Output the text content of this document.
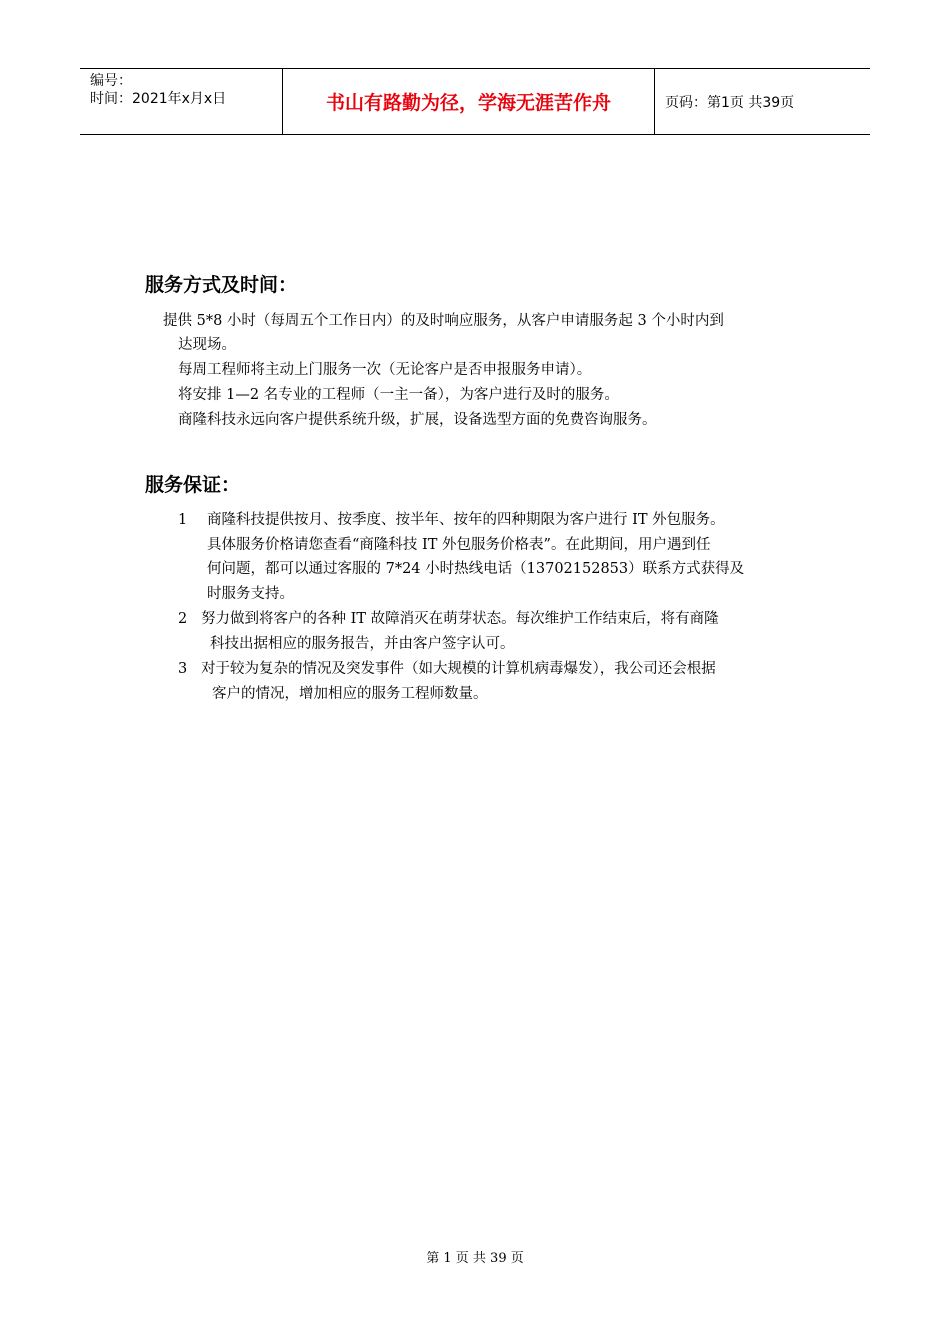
编号：
时间：2021年x月x日	书山有路勤为径，学海无涯苦作舟	页码：第1页 共39页
服务方式及时间：
提供 5*8 小时（每周五个工作日内）的及时响应服务，从客户申请服务起 3 个小时内到
达现场。
每周工程师将主动上门服务一次（无论客户是否申报服务申请）。
将安排 1—2 名专业的工程师（一主一备），为客户进行及时的服务。
商隆科技永远向客户提供系统升级，扩展，设备选型方面的免费咨询服务。
服务保证：
1 商隆科技提供按月、按季度、按半年、按年的四种期限为客户进行 IT 外包服务。
具体服务价格请您查看“商隆科技 IT 外包服务价格表”。在此期间，用户遇到任
何问题，都可以通过客服的 7*24 小时热线电话（13702152853）联系方式获得及
时服务支持。
2 努力做到将客户的各种 IT 故障消灭在萌芽状态。每次维护工作结束后，将有商隆
科技出据相应的服务报告，并由客户签字认可。
3 对于较为复杂的情况及突发事件（如大规模的计算机病毒爆发），我公司还会根据
客户的情况，增加相应的服务工程师数量。
第 1 页 共 39 页
